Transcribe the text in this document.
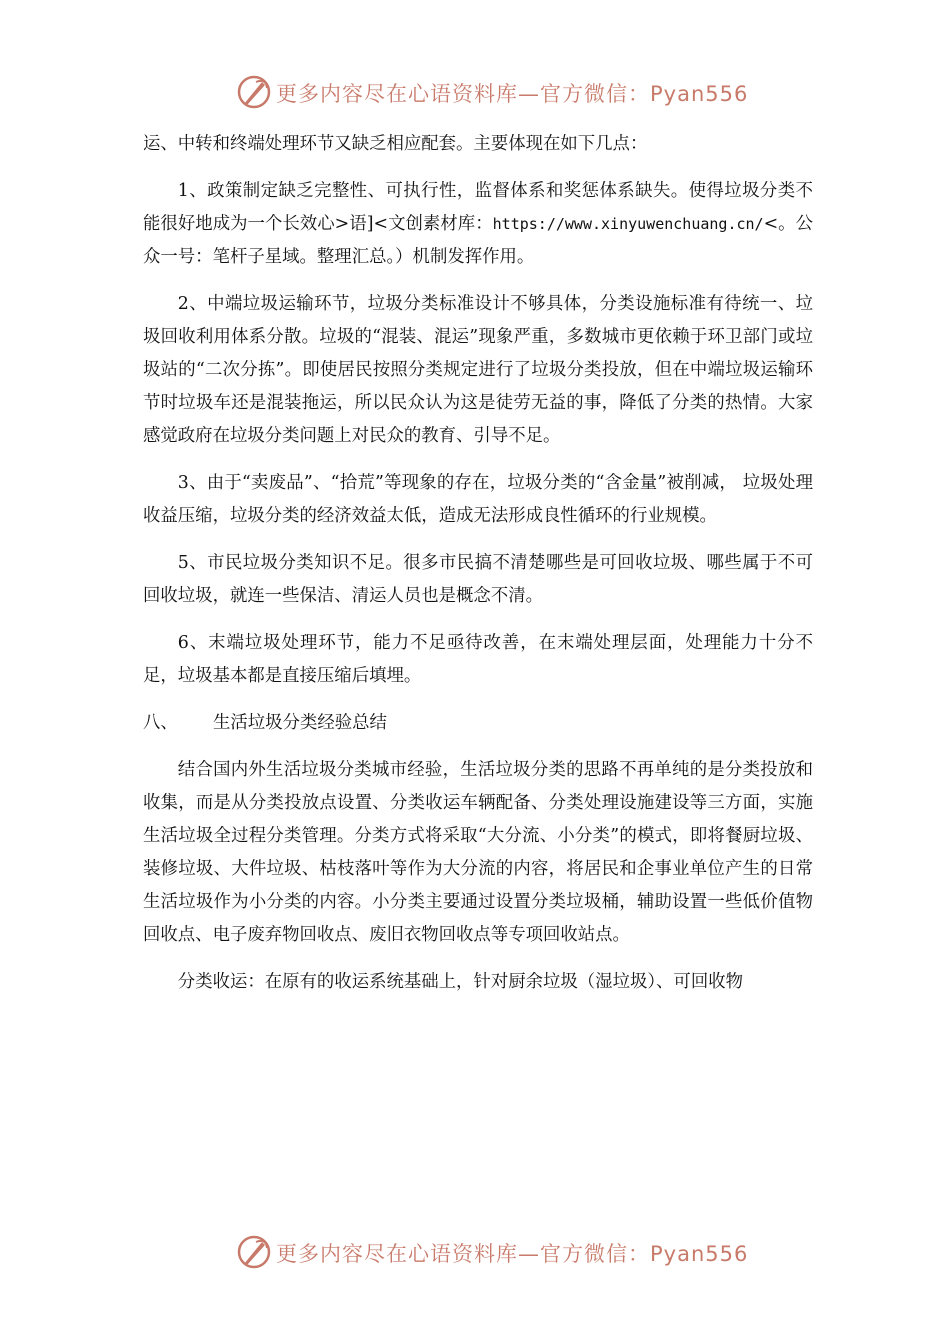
更多内容尽在心语资料库—官方微信：Pyan556

运、中转和终端处理环节又缺乏相应配套。主要体现在如下几点：

1、政策制定缺乏完整性、可执行性，监督体系和奖惩体系缺失。使得垃圾分类不能很好地成为一个长效心>语]<文创素材库：https://www.xinyuwenchuang.cn/<。公众一号：笔杆子星域。整理汇总。）机制发挥作用。

2、中端垃圾运输环节，垃圾分类标准设计不够具体，分类设施标准有待统一、垃圾回收利用体系分散。垃圾的“混装、混运”现象严重，多数城市更依赖于环卫部门或垃圾站的“二次分拣”。即使居民按照分类规定进行了垃圾分类投放，但在中端垃圾运输环节时垃圾车还是混装拖运，所以民众认为这是徒劳无益的事，降低了分类的热情。大家感觉政府在垃圾分类问题上对民众的教育、引导不足。

3、由于“卖废品”、“拾荒”等现象的存在，垃圾分类的“含金量”被削减， 垃圾处理收益压缩，垃圾分类的经济效益太低，造成无法形成良性循环的行业规模。

5、市民垃圾分类知识不足。很多市民搞不清楚哪些是可回收垃圾、哪些属于不可回收垃圾，就连一些保洁、清运人员也是概念不清。

6、末端垃圾处理环节，能力不足亟待改善，在末端处理层面，处理能力十分不足，垃圾基本都是直接压缩后填埋。

八、 生活垃圾分类经验总结

结合国内外生活垃圾分类城市经验，生活垃圾分类的思路不再单纯的是分类投放和收集，而是从分类投放点设置、分类收运车辆配备、分类处理设施建设等三方面，实施生活垃圾全过程分类管理。分类方式将采取“大分流、小分类”的模式，即将餐厨垃圾、装修垃圾、大件垃圾、枯枝落叶等作为大分流的内容，将居民和企事业单位产生的日常生活垃圾作为小分类的内容。小分类主要通过设置分类垃圾桶，辅助设置一些低价值物回收点、电子废弃物回收点、废旧衣物回收点等专项回收站点。

分类收运：在原有的收运系统基础上，针对厨余垃圾（湿垃圾）、可回收物

更多内容尽在心语资料库—官方微信：Pyan556
